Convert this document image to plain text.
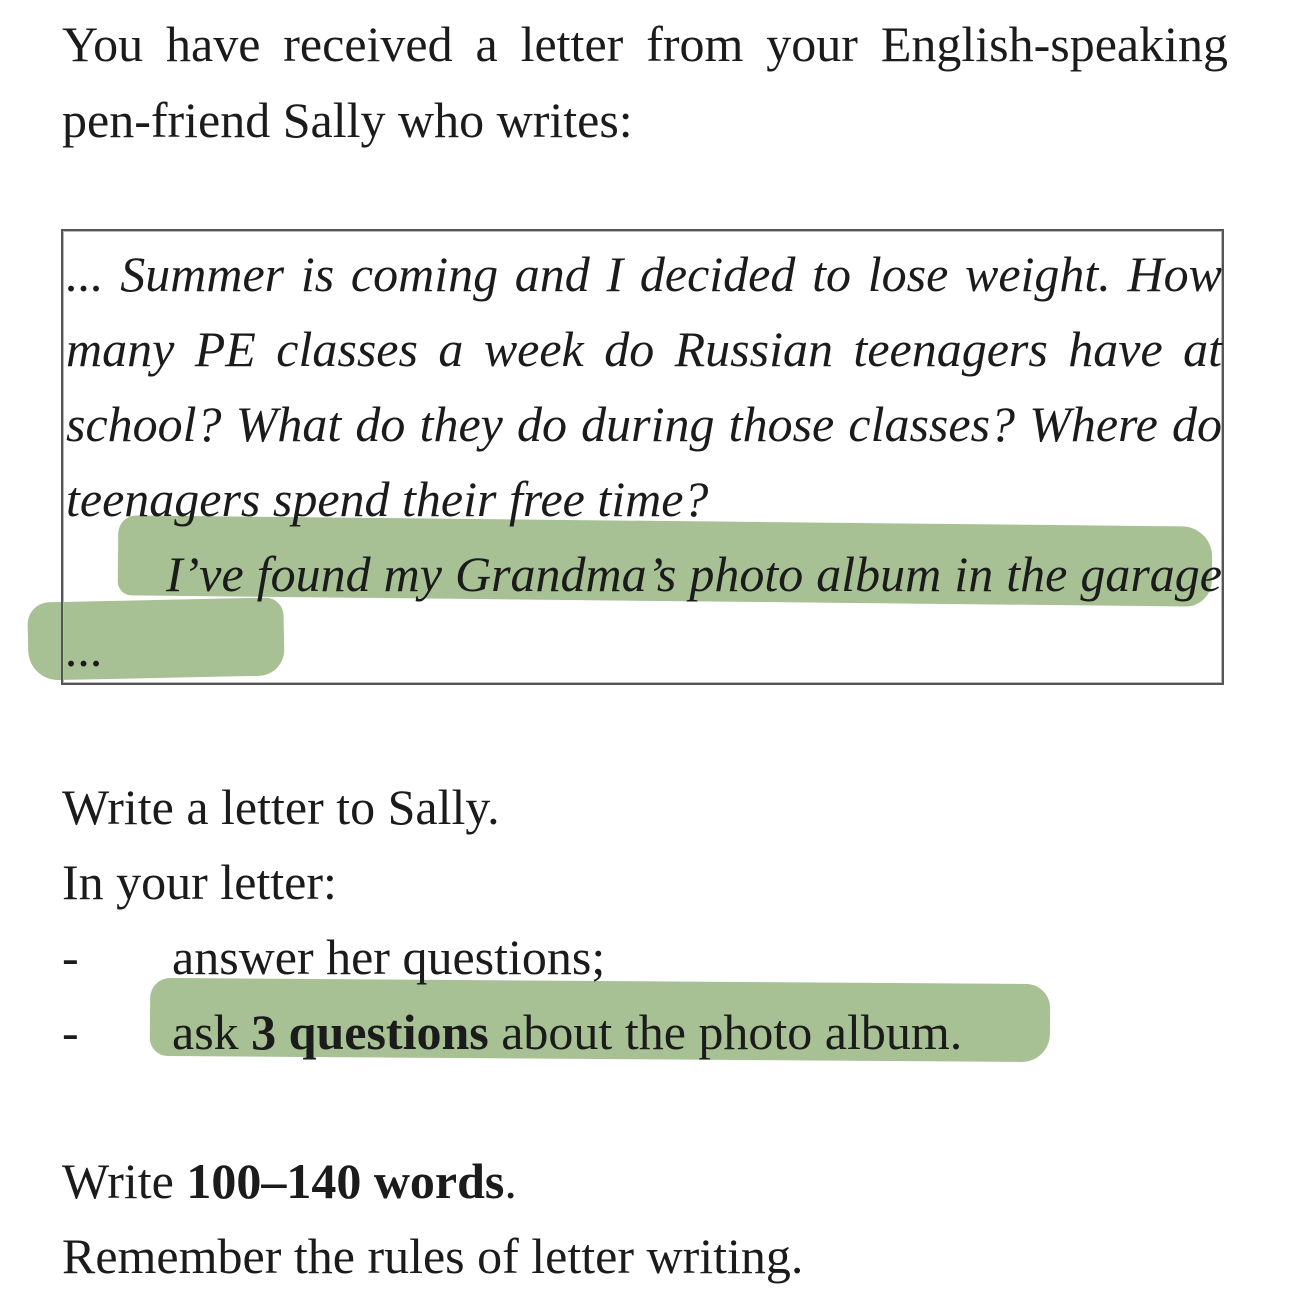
You have received a letter from your English-speaking pen-friend Sally who writes:

... Summer is coming and I decided to lose weight. How many PE classes a week do Russian teenagers have at school? What do they do during those classes? Where do teenagers spend their free time?

I’ve found my Grandma’s photo album in the garage ...

Write a letter to Sally.
In your letter:
- answer her questions;
- ask 3 questions about the photo album.
Write 100–140 words.
Remember the rules of letter writing.
